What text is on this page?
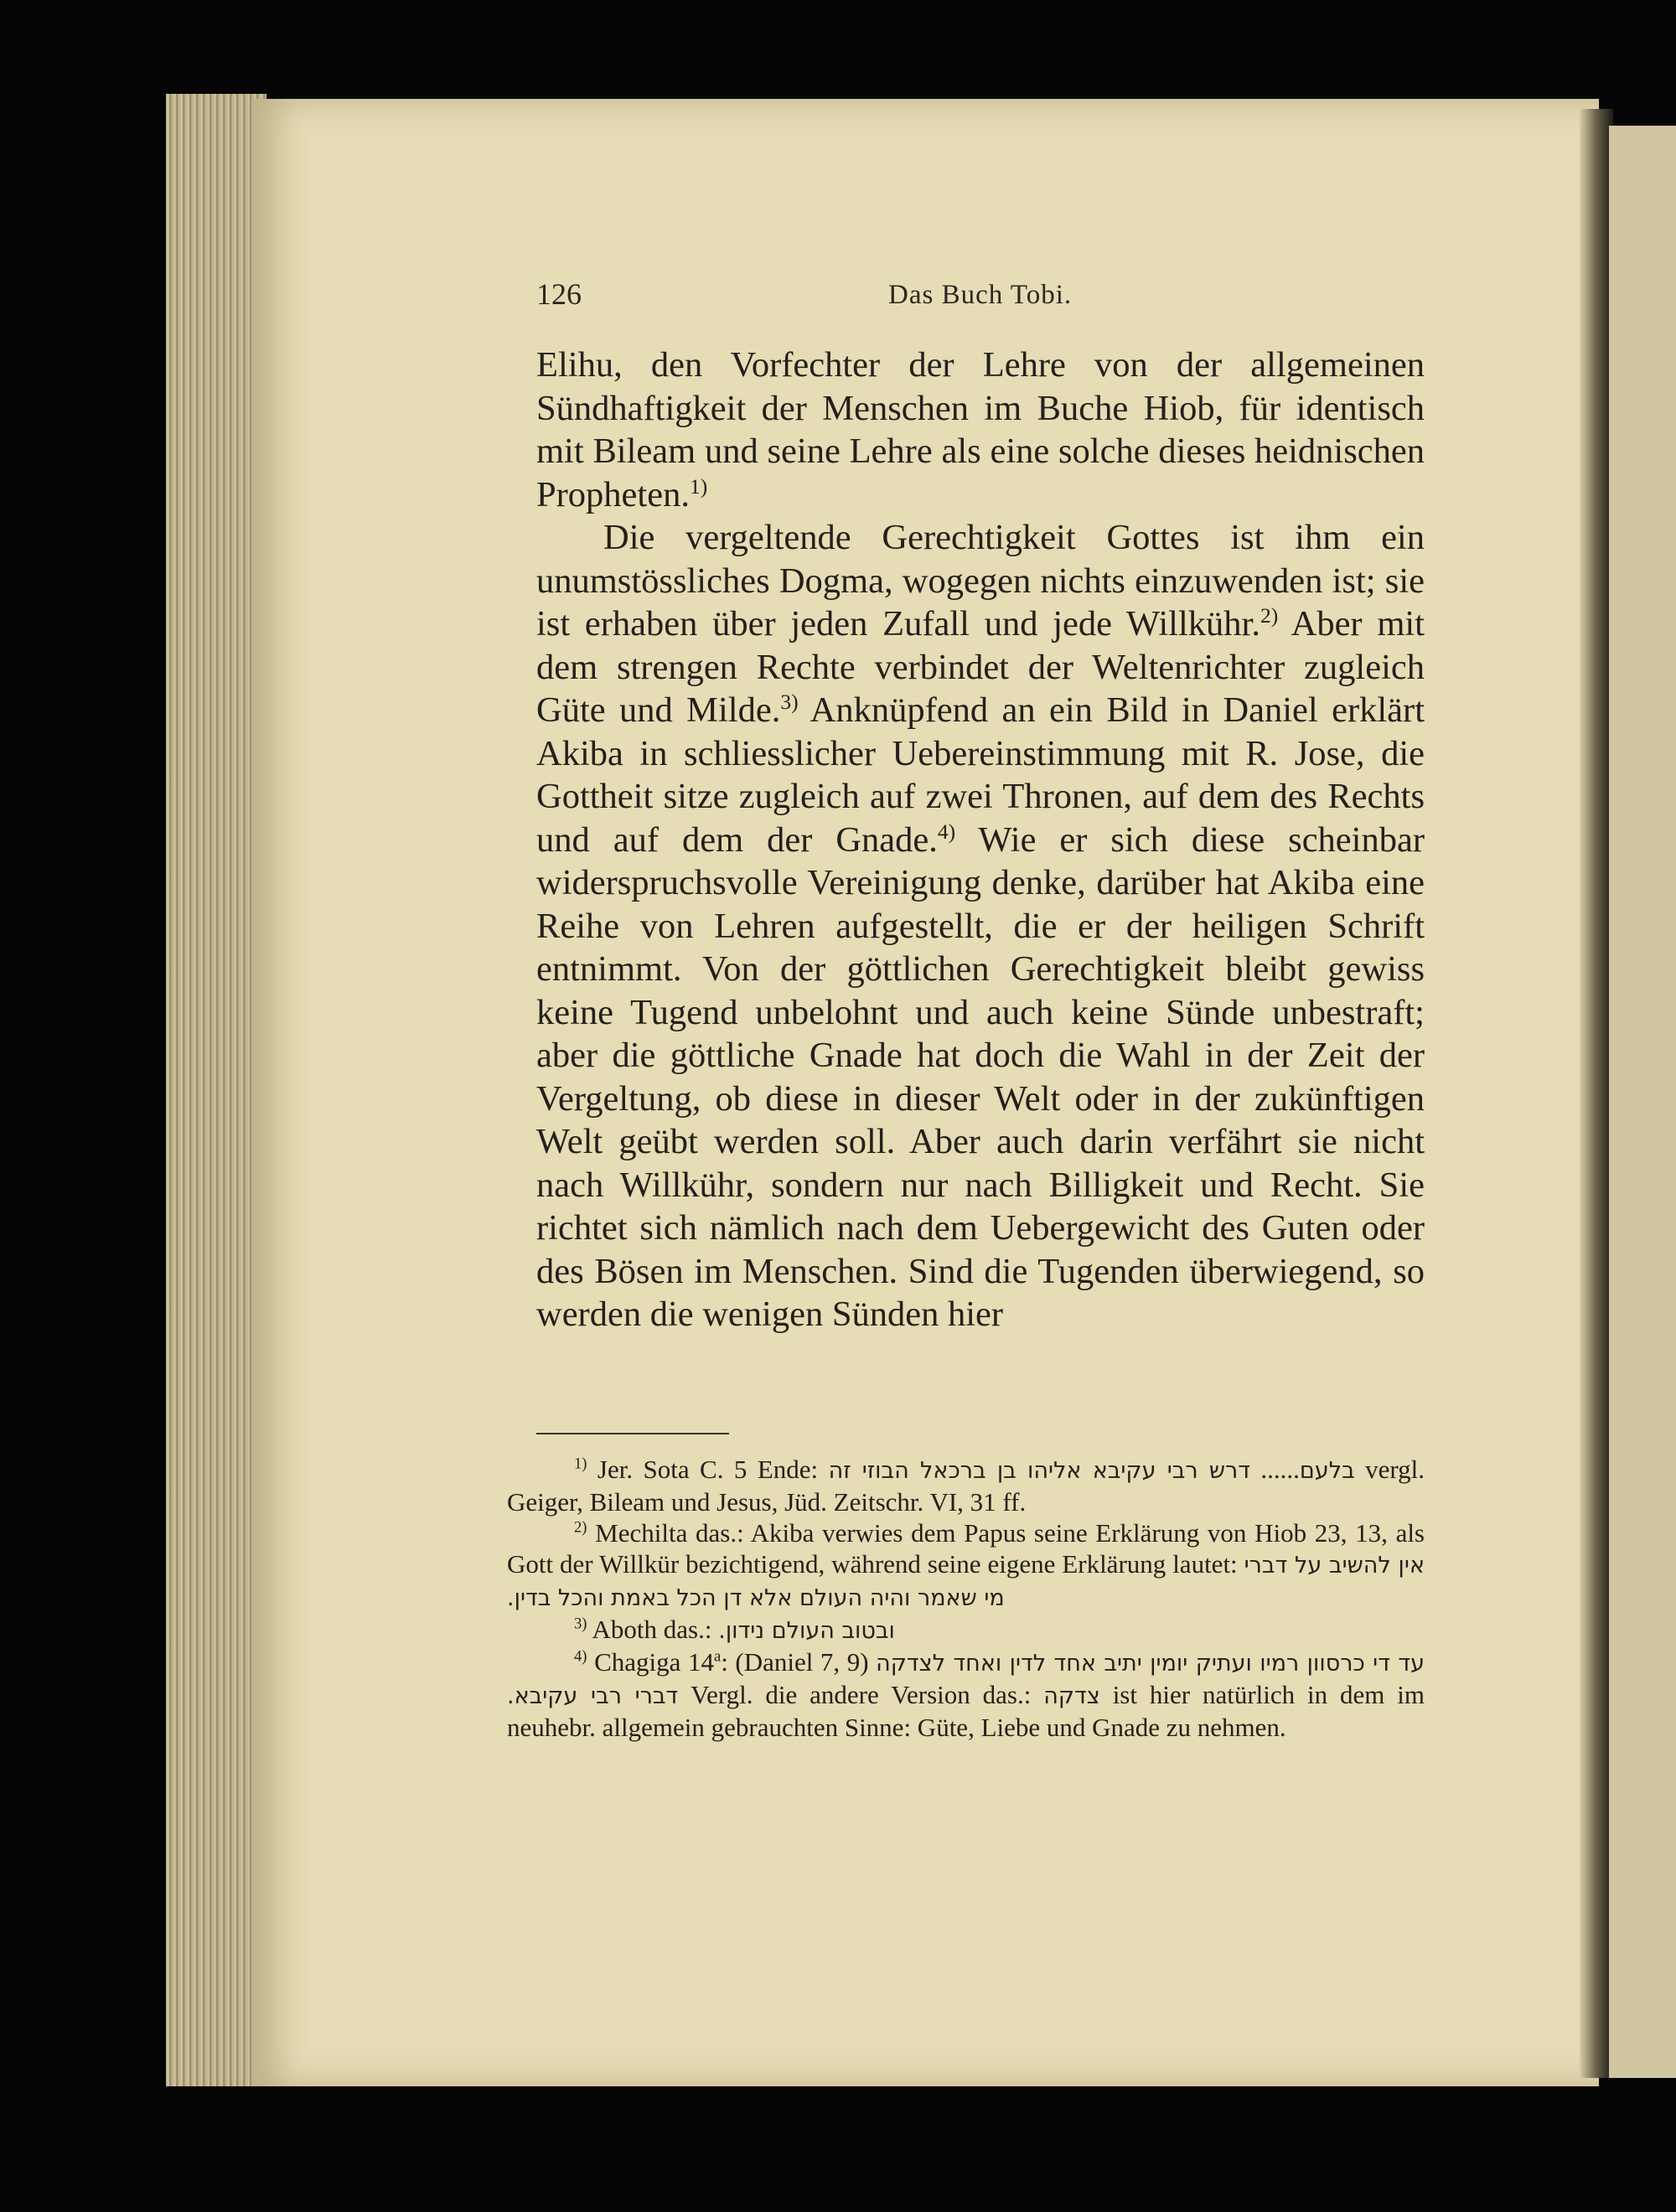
126	Das Buch Tobi.

Elihu, den Vorfechter der Lehre von der allgemeinen Sündhaftigkeit der Menschen im Buche Hiob, für identisch mit Bileam und seine Lehre als eine solche dieses heidnischen Propheten.$^{1)}$

Die vergeltende Gerechtigkeit Gottes ist ihm ein unumstössliches Dogma, wogegen nichts einzuwenden ist; sie ist erhaben über jeden Zufall und jede Willkühr.$^{2)}$ Aber mit dem strengen Rechte verbindet der Weltenrichter zugleich Güte und Milde.$^{3)}$ Anknüpfend an ein Bild in Daniel erklärt Akiba in schliesslicher Uebereinstimmung mit R. Jose, die Gottheit sitze zugleich auf zwei Thronen, auf dem des Rechts und auf dem der Gnade.$^{4)}$ Wie er sich diese scheinbar widerspruchsvolle Vereinigung denke, darüber hat Akiba eine Reihe von Lehren aufgestellt, die er der heiligen Schrift entnimmt. Von der göttlichen Gerechtigkeit bleibt gewiss keine Tugend unbelohnt und auch keine Sünde unbestraft; aber die göttliche Gnade hat doch die Wahl in der Zeit der Vergeltung, ob diese in dieser Welt oder in der zukünftigen Welt geübt werden soll. Aber auch darin verfährt sie nicht nach Willkühr, sondern nur nach Billigkeit und Recht. Sie richtet sich nämlich nach dem Uebergewicht des Guten oder des Bösen im Menschen. Sind die Tugenden überwiegend, so werden die wenigen Sünden hier

$^{1)}$ Jer. Sota C. 5 Ende: דרש רבי עקיבא אליהו בן ברכאל הבוזי זה ......בלעם vergl. Geiger, Bileam und Jesus, Jüd. Zeitschr. VI, 31 ff.

$^{2)}$ Mechilta das.: Akiba verwies dem Papus seine Erklärung von Hiob 23, 13, als Gott der Willkür bezichtigend, während seine eigene Erklärung lautet: אין להשיב על דברי מי שאמר והיה העולם אלא דן הכל באמת והכל בדין.

$^{3)}$ Aboth das.: ובטוב העולם נידון.

$^{4)}$ Chagiga 14$^a$: (Daniel 7, 9) עד די כרסוון רמיו ועתיק יומין יתיב אחד לדין ואחד לצדקה דברי רבי עקיבא. Vergl. die andere Version das.: צדקה ist hier natürlich in dem im neuhebr. allgemein gebrauchten Sinne: Güte, Liebe und Gnade zu nehmen.
